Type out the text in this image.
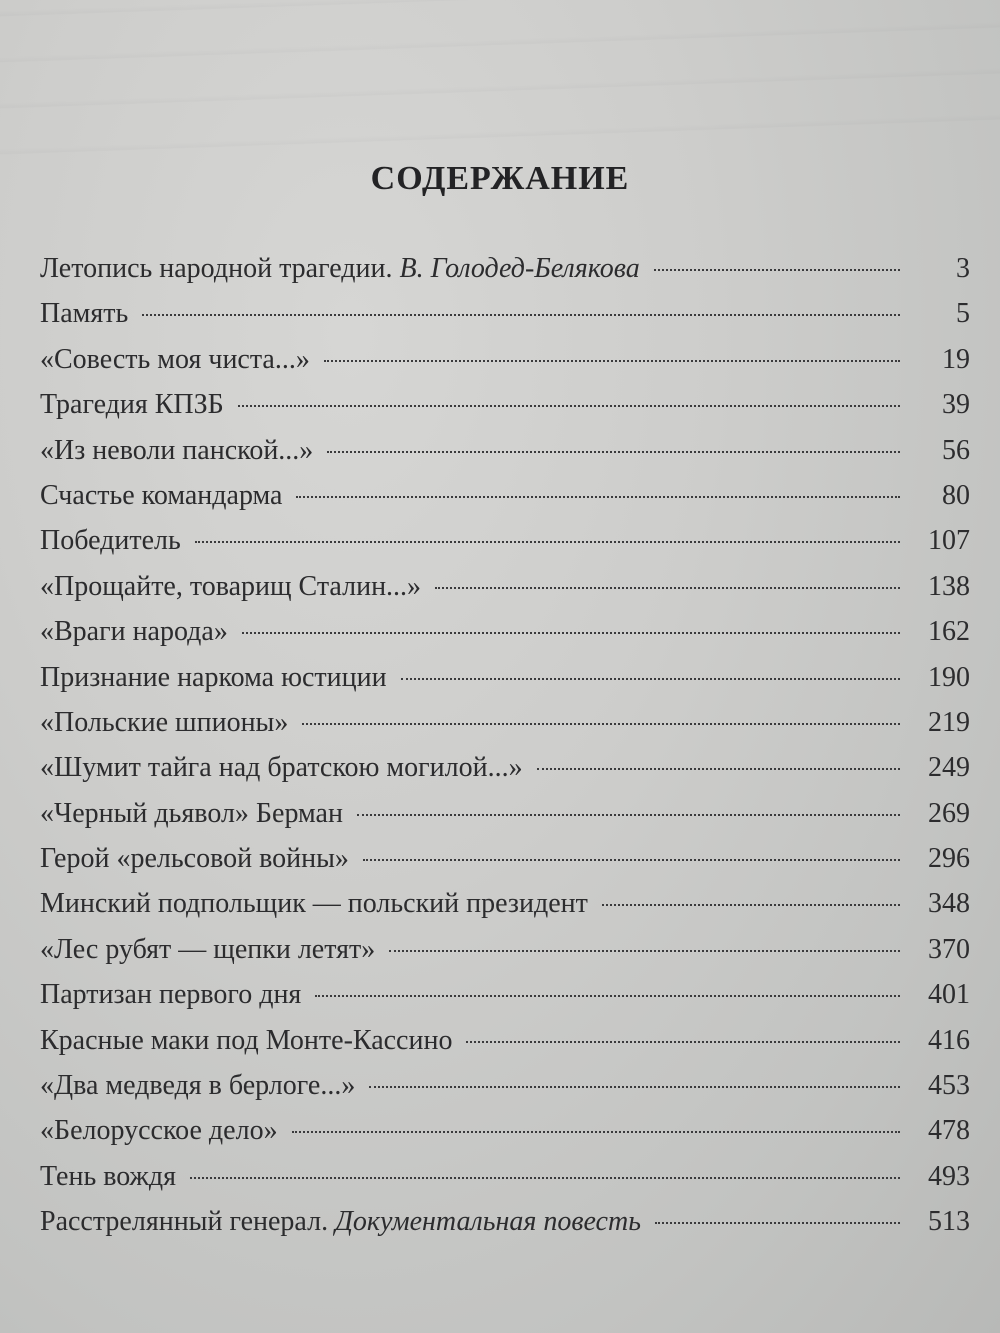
СОДЕРЖАНИЕ
Летопись народной трагедии. В. Голодед-Белякова	3
Память	5
«Совесть моя чиста...»	19
Трагедия КПЗБ	39
«Из неволи панской...»	56
Счастье командарма	80
Победитель	107
«Прощайте, товарищ Сталин...»	138
«Враги народа»	162
Признание наркома юстиции	190
«Польские шпионы»	219
«Шумит тайга над братскою могилой...»	249
«Черный дьявол» Берман	269
Герой «рельсовой войны»	296
Минский подпольщик — польский президент	348
«Лес рубят — щепки летят»	370
Партизан первого дня	401
Красные маки под Монте-Кассино	416
«Два медведя в берлоге...»	453
«Белорусское дело»	478
Тень вождя	493
Расстрелянный генерал. Документальная повесть	513
